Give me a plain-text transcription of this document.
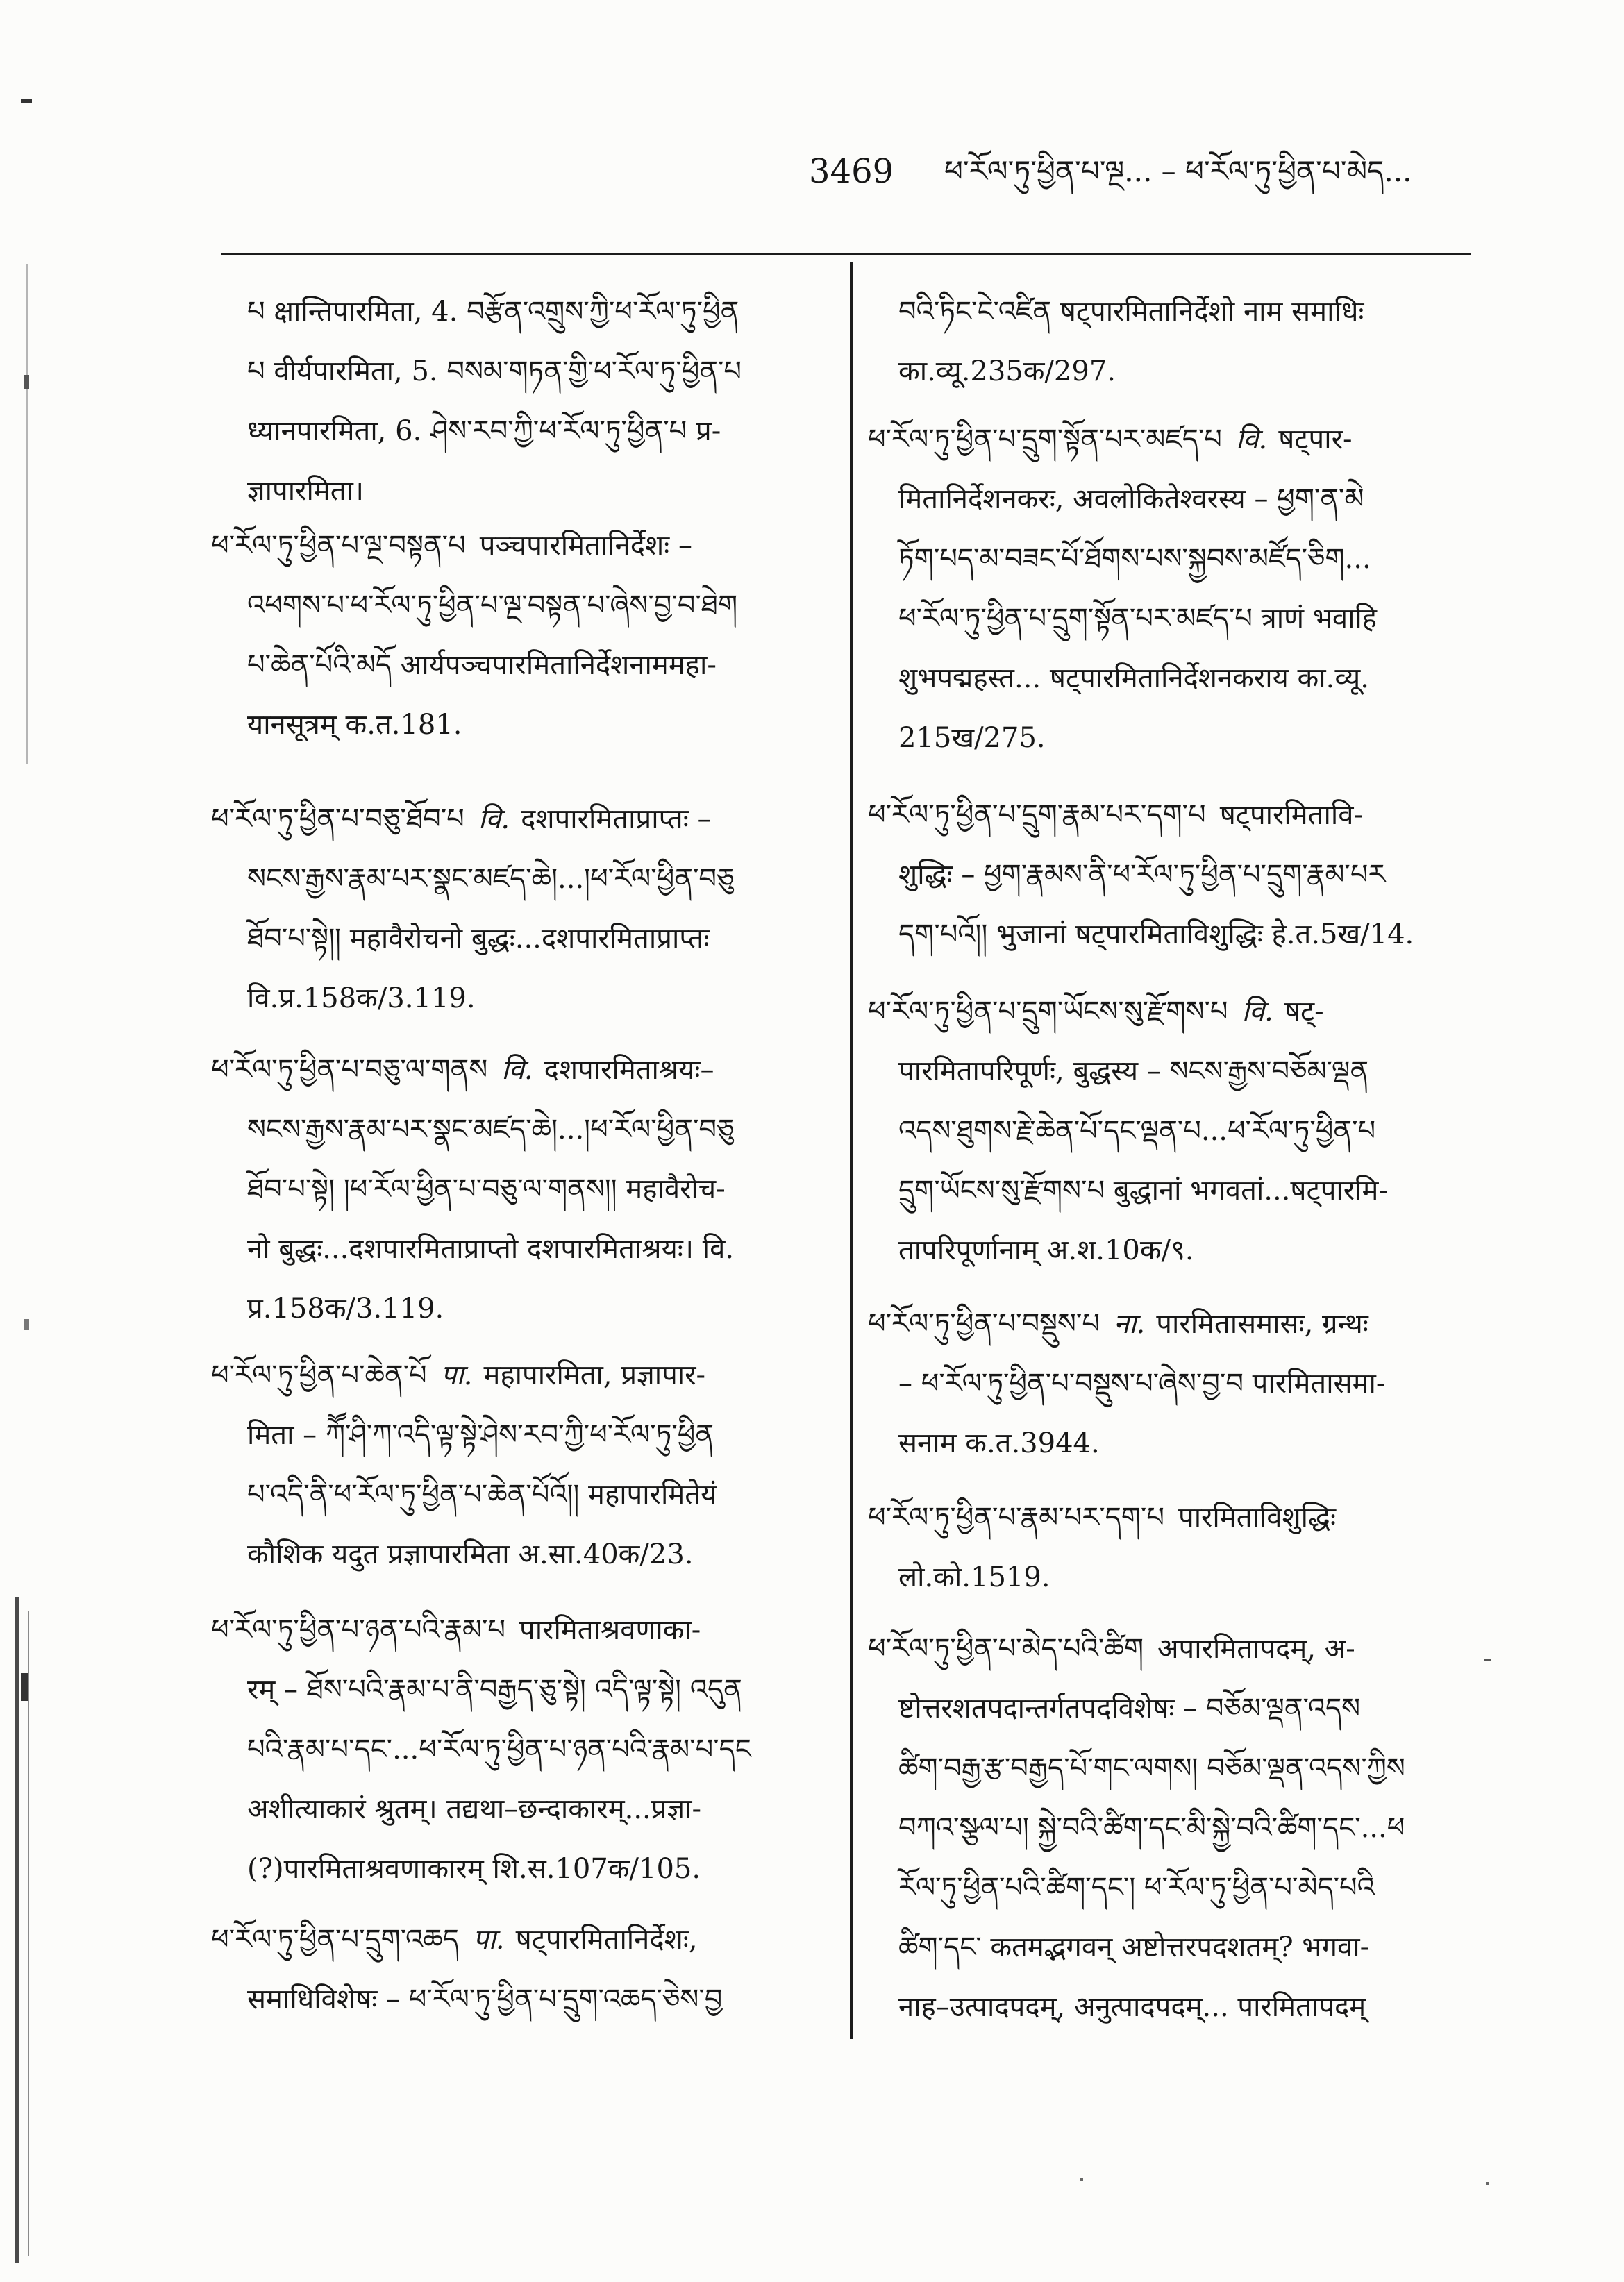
3469 ཕ་རོལ་ཏུ་ཕྱིན་པ་ལྔ... – ཕ་རོལ་ཏུ་ཕྱིན་པ་མེད...
པ क्षान्तिपारमिता, 4. བརྩོན་འགྲུས་ཀྱི་ཕ་རོལ་ཏུ་ཕྱིན
པ वीर्यपारमिता, 5. བསམ་གཏན་གྱི་ཕ་རོལ་ཏུ་ཕྱིན་པ
ध्यानपारमिता, 6. ཤེས་རབ་ཀྱི་ཕ་རོལ་ཏུ་ཕྱིན་པ प्र-
ज्ञापारमिता।
ཕ་རོལ་ཏུ་ཕྱིན་པ་ལྔ་བསྟན་པ पञ्चपारमितानिर्देशः –
འཕགས་པ་ཕ་རོལ་ཏུ་ཕྱིན་པ་ལྔ་བསྟན་པ་ཞེས་བྱ་བ་ཐེག
པ་ཆེན་པོའི་མདོ आर्यपञ्चपारमितानिर्देशनाममहा-
यानसूत्रम् क.त.181.
ཕ་རོལ་ཏུ་ཕྱིན་པ་བཅུ་ཐོབ་པ वि. दशपारमिताप्राप्तः –
སངས་རྒྱས་རྣམ་པར་སྣང་མཛད་ཆེ།...།ཕ་རོལ་ཕྱིན་བཅུ
ཐོབ་པ་སྟེ།། महावैरोचनो बुद्धः...दशपारमिताप्राप्तः
वि.प्र.158क/3.119.
ཕ་རོལ་ཏུ་ཕྱིན་པ་བཅུ་ལ་གནས वि. दशपारमिताश्रयः–
སངས་རྒྱས་རྣམ་པར་སྣང་མཛད་ཆེ།...།ཕ་རོལ་ཕྱིན་བཅུ
ཐོབ་པ་སྟེ། །ཕ་རོལ་ཕྱིན་པ་བཅུ་ལ་གནས།། महावैरोच-
नो बुद्धः...दशपारमिताप्राप्तो दशपारमिताश्रयः। वि.
प्र.158क/3.119.
ཕ་རོལ་ཏུ་ཕྱིན་པ་ཆེན་པོ पा. महापारमिता, प्रज्ञापार-
मिता – ཀཽ་ཤི་ཀ་འདི་ལྟ་སྟེ་ཤེས་རབ་ཀྱི་ཕ་རོལ་ཏུ་ཕྱིན
པ་འདི་ནི་ཕ་རོལ་ཏུ་ཕྱིན་པ་ཆེན་པོའོ།། महापारमितेयं
कौशिक यदुत प्रज्ञापारमिता अ.सा.40क/23.
ཕ་རོལ་ཏུ་ཕྱིན་པ་ཉན་པའི་རྣམ་པ पारमिताश्रवणाका-
रम् – ཐོས་པའི་རྣམ་པ་ནི་བརྒྱད་ཅུ་སྟེ། འདི་ལྟ་སྟེ། འདུན
པའི་རྣམ་པ་དང་...ཕ་རོལ་ཏུ་ཕྱིན་པ་ཉན་པའི་རྣམ་པ་དང
अशीत्याकारं श्रुतम्। तद्यथा–छन्दाकारम्...प्रज्ञा-
(?)पारमिताश्रवणाकारम् शि.स.107क/105.
ཕ་རོལ་ཏུ་ཕྱིན་པ་དྲུག་འཆད पा. षट्पारमितानिर्देशः,
समाधिविशेषः – ཕ་རོལ་ཏུ་ཕྱིན་པ་དྲུག་འཆད་ཅེས་བྱ
བའི་ཏིང་ངེ་འཛིན षट्पारमितानिर्देशो नाम समाधिः
का.व्यू.235क/297.
ཕ་རོལ་ཏུ་ཕྱིན་པ་དྲུག་སྟོན་པར་མཛད་པ वि. षट्पार-
मितानिर्देशनकरः, अवलोकितेश्वरस्य – ཕྱག་ན་མེ
ཏོག་པད་མ་བཟང་པོ་ཐོགས་པས་སྐྱབས་མཛོད་ཅིག...
ཕ་རོལ་ཏུ་ཕྱིན་པ་དྲུག་སྟོན་པར་མཛད་པ त्राणं भवाहि
शुभपद्महस्त... षट्पारमितानिर्देशनकराय का.व्यू.
215ख/275.
ཕ་རོལ་ཏུ་ཕྱིན་པ་དྲུག་རྣམ་པར་དག་པ षट्पारमितावि-
शुद्धिः – ཕྱག་རྣམས་ནི་ཕ་རོལ་ཏུ་ཕྱིན་པ་དྲུག་རྣམ་པར
དག་པའོ།། भुजानां षट्पारमिताविशुद्धिः हे.त.5ख/14.
ཕ་རོལ་ཏུ་ཕྱིན་པ་དྲུག་ཡོངས་སུ་རྫོགས་པ वि. षट्-
पारमितापरिपूर्णः, बुद्धस्य – སངས་རྒྱས་བཅོམ་ལྡན
འདས་ཐུགས་རྗེ་ཆེན་པོ་དང་ལྡན་པ...ཕ་རོལ་ཏུ་ཕྱིན་པ
དྲུག་ཡོངས་སུ་རྫོགས་པ बुद्धानां भगवतां...षट्पारमि-
तापरिपूर्णानाम् अ.श.10क/९.
ཕ་རོལ་ཏུ་ཕྱིན་པ་བསྡུས་པ ना. पारमितासमासः, ग्रन्थः
– ཕ་རོལ་ཏུ་ཕྱིན་པ་བསྡུས་པ་ཞེས་བྱ་བ पारमितासमा-
सनाम क.त.3944.
ཕ་རོལ་ཏུ་ཕྱིན་པ་རྣམ་པར་དག་པ पारमिताविशुद्धिः
लो.को.1519.
ཕ་རོལ་ཏུ་ཕྱིན་པ་མེད་པའི་ཚིག अपारमितापदम्, अ-
ष्टोत्तरशतपदान्तर्गतपदविशेषः – བཅོམ་ལྡན་འདས
ཚིག་བརྒྱ་རྩ་བརྒྱད་པོ་གང་ལགས། བཅོམ་ལྡན་འདས་ཀྱིས
བཀའ་སྩལ་པ། སྐྱེ་བའི་ཚིག་དང་མི་སྐྱེ་བའི་ཚིག་དང་...ཕ
རོལ་ཏུ་ཕྱིན་པའི་ཚིག་དང་། ཕ་རོལ་ཏུ་ཕྱིན་པ་མེད་པའི
ཚིག་དང་ कतमद्भगवन् अष्टोत्तरपदशतम्? भगवा-
नाह–उत्पादपदम्, अनुत्पादपदम्... पारमितापदम्
